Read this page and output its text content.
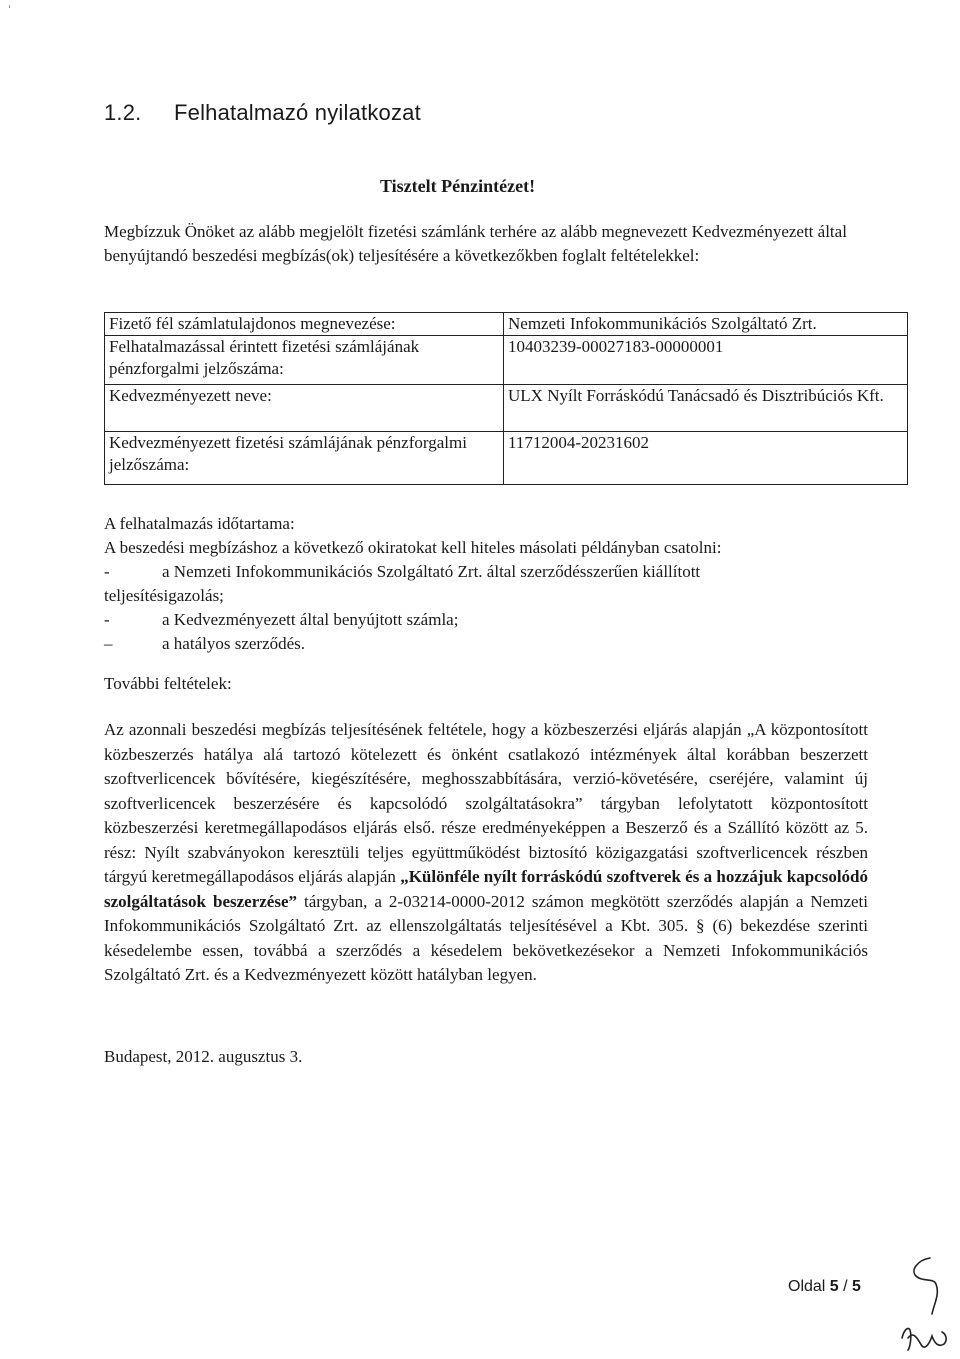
1.2. Felhatalmazó nyilatkozat

Tisztelt Pénzintézet!

Megbízzuk Önöket az alább megjelölt fizetési számlánk terhére az alább megnevezett Kedvezményezett által benyújtandó beszedési megbízás(ok) teljesítésére a következőkben foglalt feltételekkel:

Fizető fél számlatulajdonos megnevezése:	Nemzeti Infokommunikációs Szolgáltató Zrt.
Felhatalmazással érintett fizetési számlájának pénzforgalmi jelzőszáma:	10403239-00027183-00000001
Kedvezményezett neve:	ULX Nyílt Forráskódú Tanácsadó és Disztribúciós Kft.
Kedvezményezett fizetési számlájának pénzforgalmi jelzőszáma:	11712004-20231602

A felhatalmazás időtartama:

A beszedési megbízáshoz a következő okiratokat kell hiteles másolati példányban csatolni:

-	a Nemzeti Infokommunikációs Szolgáltató Zrt. által szerződésszerűen kiállított
teljesítésigazolás;
-	a Kedvezményezett által benyújtott számla;
–	a hatályos szerződés.

További feltételek:

Az azonnali beszedési megbízás teljesítésének feltétele, hogy a közbeszerzési eljárás alapján „A központosított közbeszerzés hatálya alá tartozó kötelezett és önként csatlakozó intézmények által korábban beszerzett szoftverlicencek bővítésére, kiegészítésére, meghosszabbítására, verzió-követésére, cseréjére, valamint új szoftverlicencek beszerzésére és kapcsolódó szolgáltatásokra” tárgyban lefolytatott központosított közbeszerzési keretmegállapodásos eljárás első. része eredményeképpen a Beszerző és a Szállító között az 5. rész: Nyílt szabványokon keresztüli teljes együttműködést biztosító közigazgatási szoftverlicencek részben tárgyú keretmegállapodásos eljárás alapján „Különféle nyílt forráskódú szoftverek és a hozzájuk kapcsolódó szolgáltatások beszerzése” tárgyban, a 2-03214-0000-2012 számon megkötött szerződés alapján a Nemzeti Infokommunikációs Szolgáltató Zrt. az ellenszolgáltatás teljesítésével a Kbt. 305. § (6) bekezdése szerinti késedelembe essen, továbbá a szerződés a késedelem bekövetkezésekor a Nemzeti Infokommunikációs Szolgáltató Zrt. és a Kedvezményezett között hatályban legyen.

Budapest, 2012. augusztus 3.

Oldal 5 / 5
